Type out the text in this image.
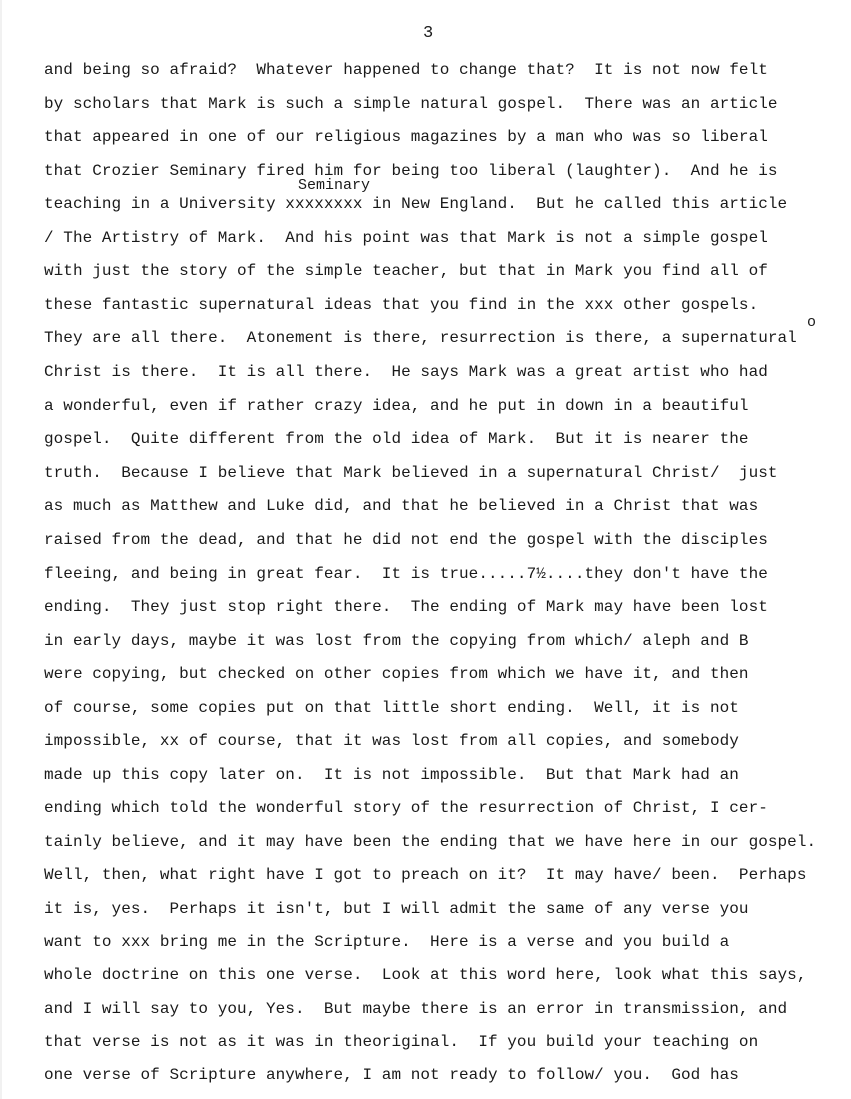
3
Seminary
o
and being so afraid?  Whatever happened to change that?  It is not now felt
by scholars that Mark is such a simple natural gospel.  There was an article
that appeared in one of our religious magazines by a man who was so liberal
that Crozier Seminary fired him for being too liberal (laughter).  And he is
teaching in a University xxxxxxxx in New England.  But he called this article
/ The Artistry of Mark.  And his point was that Mark is not a simple gospel
with just the story of the simple teacher, but that in Mark you find all of
these fantastic supernatural ideas that you find in the xxx other gospels.
They are all there.  Atonement is there, resurrection is there, a supernatural
Christ is there.  It is all there.  He says Mark was a great artist who had
a wonderful, even if rather crazy idea, and he put in down in a beautiful
gospel.  Quite different from the old idea of Mark.  But it is nearer the
truth.  Because I believe that Mark believed in a supernatural Christ/  just
as much as Matthew and Luke did, and that he believed in a Christ that was
raised from the dead, and that he did not end the gospel with the disciples
fleeing, and being in great fear.  It is true.....7½....they don't have the
ending.  They just stop right there.  The ending of Mark may have been lost
in early days, maybe it was lost from the copying from which/ aleph and B
were copying, but checked on other copies from which we have it, and then
of course, some copies put on that little short ending.  Well, it is not
impossible, xx of course, that it was lost from all copies, and somebody
made up this copy later on.  It is not impossible.  But that Mark had an
ending which told the wonderful story of the resurrection of Christ, I cer-
tainly believe, and it may have been the ending that we have here in our gospel.
Well, then, what right have I got to preach on it?  It may have/ been.  Perhaps
it is, yes.  Perhaps it isn't, but I will admit the same of any verse you
want to xxx bring me in the Scripture.  Here is a verse and you build a
whole doctrine on this one verse.  Look at this word here, look what this says,
and I will say to you, Yes.  But maybe there is an error in transmission, and
that verse is not as it was in theoriginal.  If you build your teaching on
one verse of Scripture anywhere, I am not ready to follow/ you.  God has
